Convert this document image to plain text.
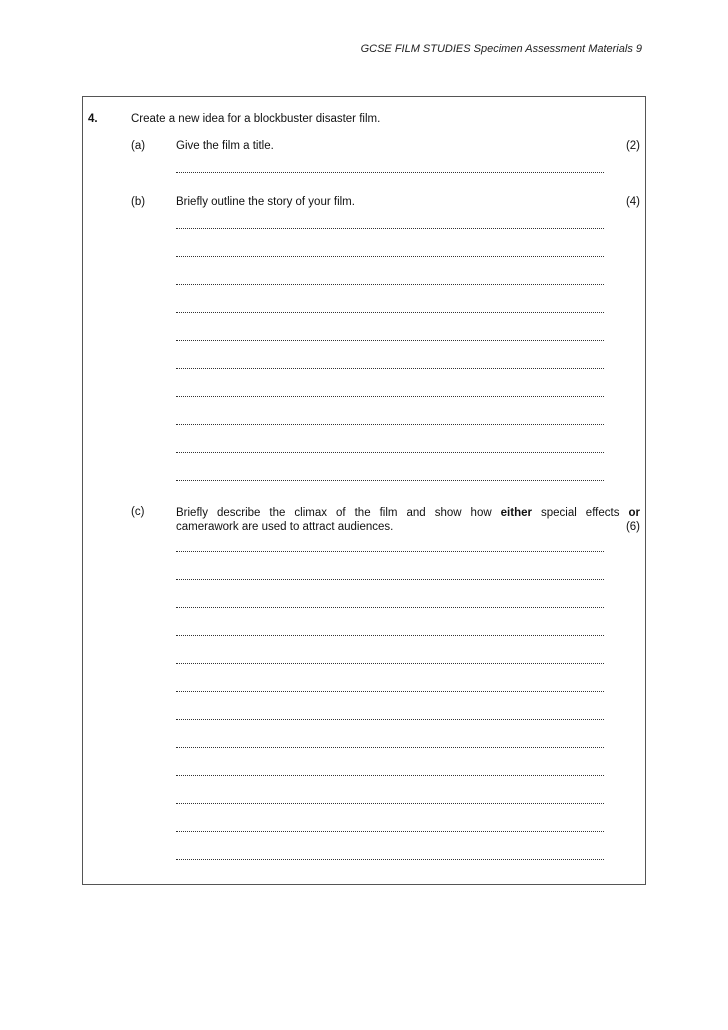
GCSE FILM STUDIES Specimen Assessment Materials 9
4.	Create a new idea for a blockbuster disaster film.
(a)	Give the film a title.	(2)
(b)	Briefly outline the story of your film.	(4)
(c)	Briefly describe the climax of the film and show how either special effects or
camerawork are used to attract audiences.	(6)
